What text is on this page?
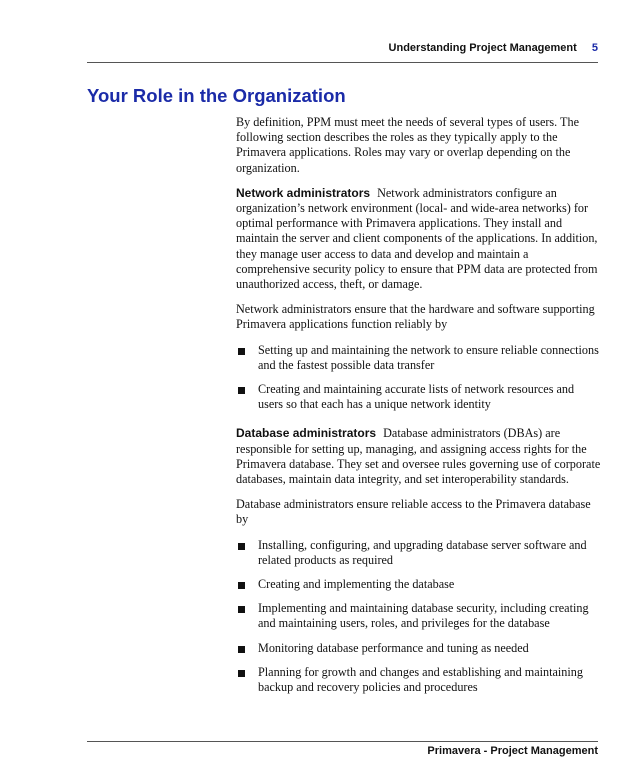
Understanding Project Management 5
Your Role in the Organization

By definition, PPM must meet the needs of several types of users. The following section describes the roles as they typically apply to the Primavera applications. Roles may vary or overlap depending on the organization.

Network administrators Network administrators configure an organization’s network environment (local- and wide-area networks) for optimal performance with Primavera applications. They install and maintain the server and client components of the applications. In addition, they manage user access to data and develop and maintain a comprehensive security policy to ensure that PPM data are protected from unauthorized access, theft, or damage.

Network administrators ensure that the hardware and software supporting Primavera applications function reliably by

Setting up and maintaining the network to ensure reliable connections and the fastest possible data transfer
Creating and maintaining accurate lists of network resources and users so that each has a unique network identity

Database administrators Database administrators (DBAs) are responsible for setting up, managing, and assigning access rights for the Primavera database. They set and oversee rules governing use of corporate databases, maintain data integrity, and set interoperability standards.

Database administrators ensure reliable access to the Primavera database by

Installing, configuring, and upgrading database server software and related products as required
Creating and implementing the database
Implementing and maintaining database security, including creating and maintaining users, roles, and privileges for the database
Monitoring database performance and tuning as needed
Planning for growth and changes and establishing and maintaining backup and recovery policies and procedures
Primavera - Project Management
